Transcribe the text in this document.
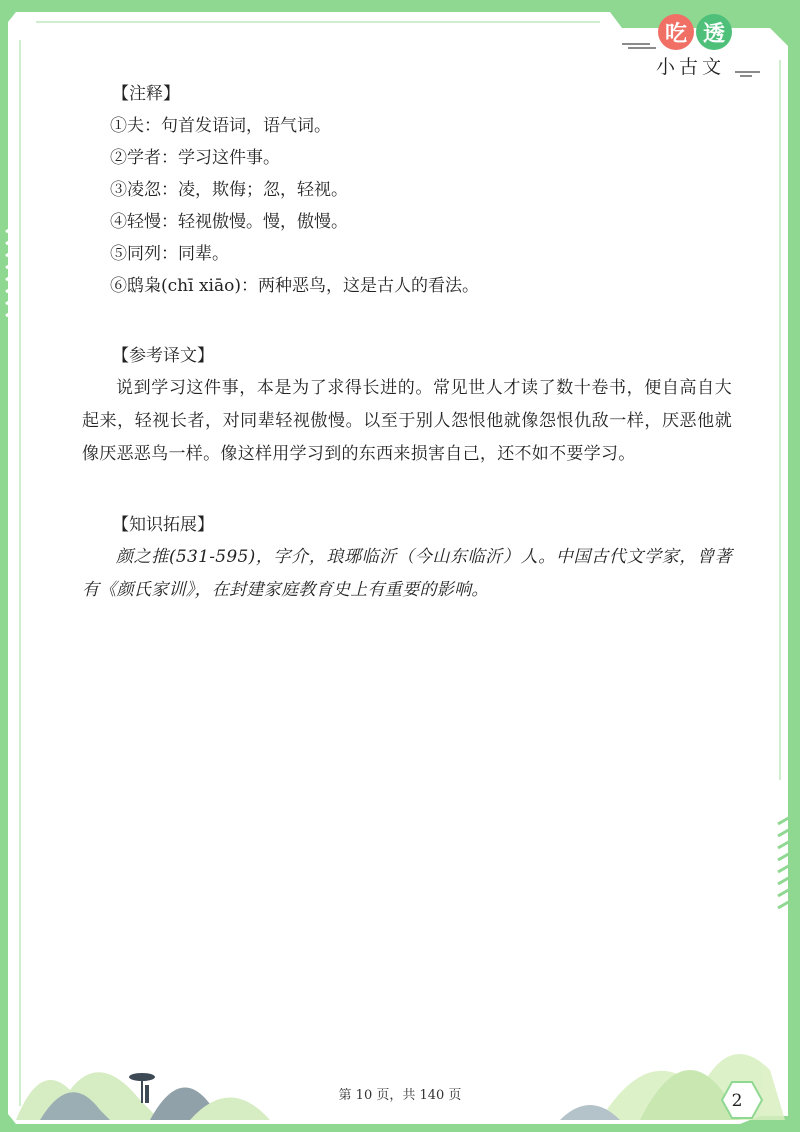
吃 透
小古文
【注释】
①夫：句首发语词，语气词。
②学者：学习这件事。
③凌忽：凌，欺侮；忽，轻视。
④轻慢：轻视傲慢。慢，傲慢。
⑤同列：同辈。
⑥鸱枭(chī xiāo)：两种恶鸟，这是古人的看法。
【参考译文】

说到学习这件事，本是为了求得长进的。常见世人才读了数十卷书，便自高自大起来，轻视长者，对同辈轻视傲慢。以至于别人怨恨他就像怨恨仇敌一样，厌恶他就像厌恶恶鸟一样。像这样用学习到的东西来损害自己，还不如不要学习。

【知识拓展】

颜之推(531-595)，字介，琅琊临沂（今山东临沂）人。中国古代文学家，曾著有《颜氏家训》，在封建家庭教育史上有重要的影响。

第 10 页，共 140 页	2
